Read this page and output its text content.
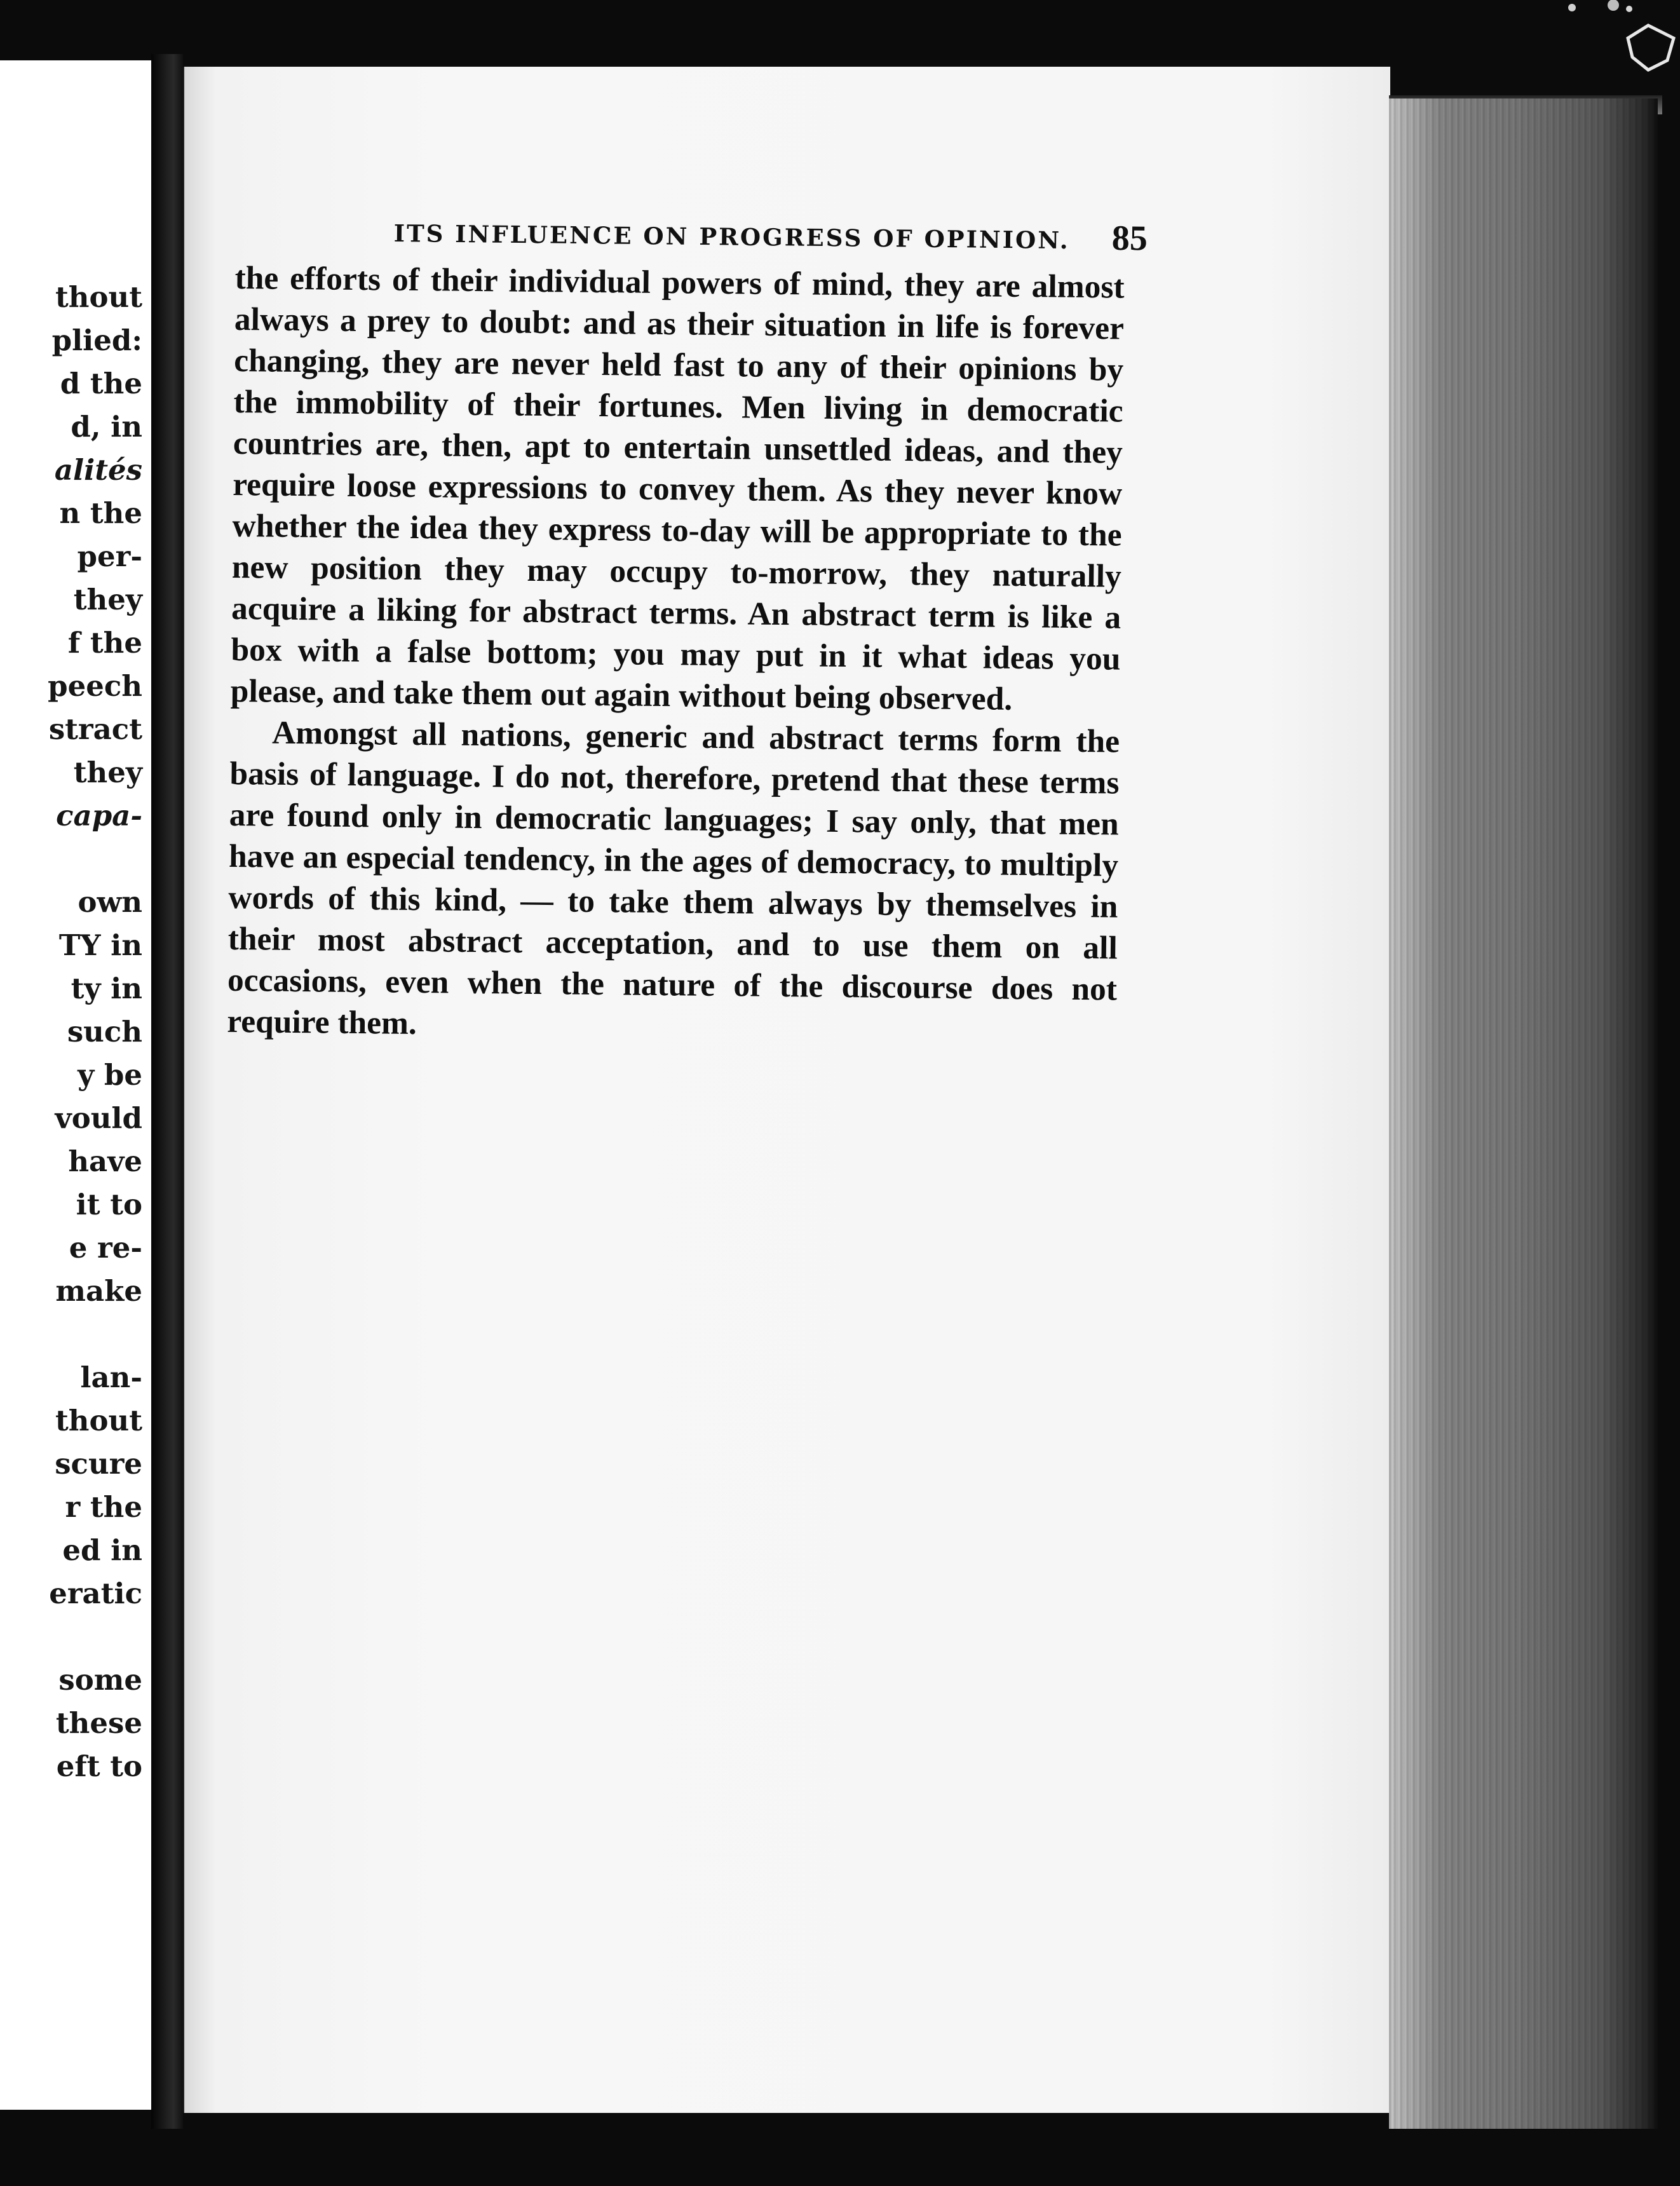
thout
plied:
d the
d, in
alités
n the
per-
they
f the
peech
stract
they
capa-

own
TY in
ty in
such
y be
vould
have
it to
e re-
make

lan-
thout
scure
r the
ed in
eratic

some
these
eft to

ITS INFLUENCE ON PROGRESS OF OPINION. 85

the efforts of their individual powers of mind, they are almost always a prey to doubt: and as their situation in life is forever changing, they are never held fast to any of their opinions by the immobility of their fortunes. Men living in democratic countries are, then, apt to entertain unsettled ideas, and they require loose expressions to convey them. As they never know whether the idea they express to-day will be appropriate to the new position they may occupy to-morrow, they naturally acquire a liking for abstract terms. An abstract term is like a box with a false bottom; you may put in it what ideas you please, and take them out again without being observed.

Amongst all nations, generic and abstract terms form the basis of language. I do not, therefore, pretend that these terms are found only in democratic languages; I say only, that men have an especial tendency, in the ages of democracy, to multiply words of this kind, — to take them always by themselves in their most abstract acceptation, and to use them on all occasions, even when the nature of the discourse does not require them.
